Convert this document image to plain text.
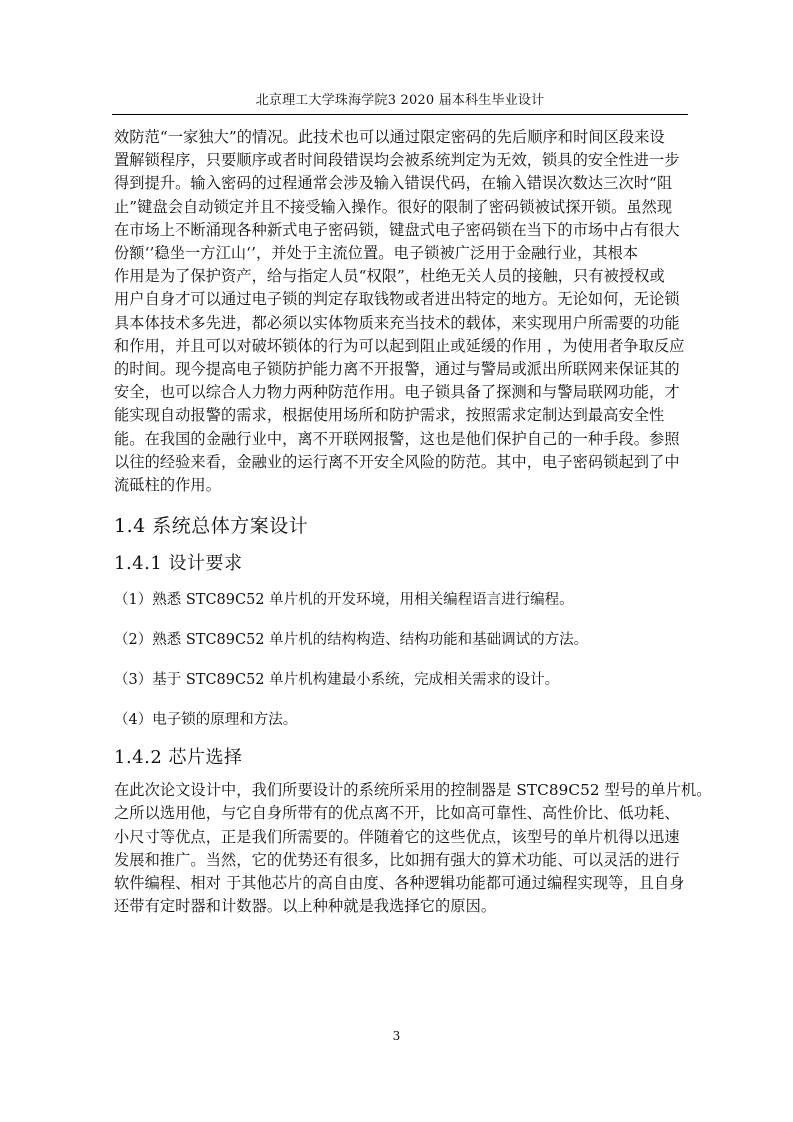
北京理工大学珠海学院3 2020 届本科生毕业设计

效防范“一家独大”的情况。此技术也可以通过限定密码的先后顺序和时间区段来设
置解锁程序，只要顺序或者时间段错误均会被系统判定为无效，锁具的安全性进一步
得到提升。输入密码的过程通常会涉及输入错误代码，在输入错误次数达三次时“阻
止”键盘会自动锁定并且不接受输入操作。很好的限制了密码锁被试探开锁。虽然现
在市场上不断涌现各种新式电子密码锁，键盘式电子密码锁在当下的市场中占有很大
份额‘’稳坐一方江山‘’，并处于主流位置。电子锁被广泛用于金融行业，其根本
作用是为了保护资产，给与指定人员“权限”，杜绝无关人员的接触，只有被授权或
用户自身才可以通过电子锁的判定存取钱物或者进出特定的地方。无论如何，无论锁
具本体技术多先进，都必须以实体物质来充当技术的载体，来实现用户所需要的功能
和作用，并且可以对破坏锁体的行为可以起到阻止或延缓的作用 ，为使用者争取反应
的时间。现今提高电子锁防护能力离不开报警，通过与警局或派出所联网来保证其的
安全，也可以综合人力物力两种防范作用。电子锁具备了探测和与警局联网功能，才
能实现自动报警的需求，根据使用场所和防护需求，按照需求定制达到最高安全性
能。在我国的金融行业中，离不开联网报警，这也是他们保护自己的一种手段。参照
以往的经验来看，金融业的运行离不开安全风险的防范。其中，电子密码锁起到了中
流砥柱的作用。

1.4 系统总体方案设计
1.4.1 设计要求

（1）熟悉 STC89C52 单片机的开发环境，用相关编程语言进行编程。

（2）熟悉 STC89C52 单片机的结构构造、结构功能和基础调试的方法。

（3）基于 STC89C52 单片机构建最小系统，完成相关需求的设计。

（4）电子锁的原理和方法。

1.4.2 芯片选择

在此次论文设计中，我们所要设计的系统所采用的控制器是 STC89C52 型号的单片机。
之所以选用他，与它自身所带有的优点离不开，比如高可靠性、高性价比、低功耗、
小尺寸等优点，正是我们所需要的。伴随着它的这些优点，该型号的单片机得以迅速
发展和推广。当然，它的优势还有很多，比如拥有强大的算术功能、可以灵活的进行
软件编程、相对 于其他芯片的高自由度、各种逻辑功能都可通过编程实现等，且自身
还带有定时器和计数器。以上种种就是我选择它的原因。

3
